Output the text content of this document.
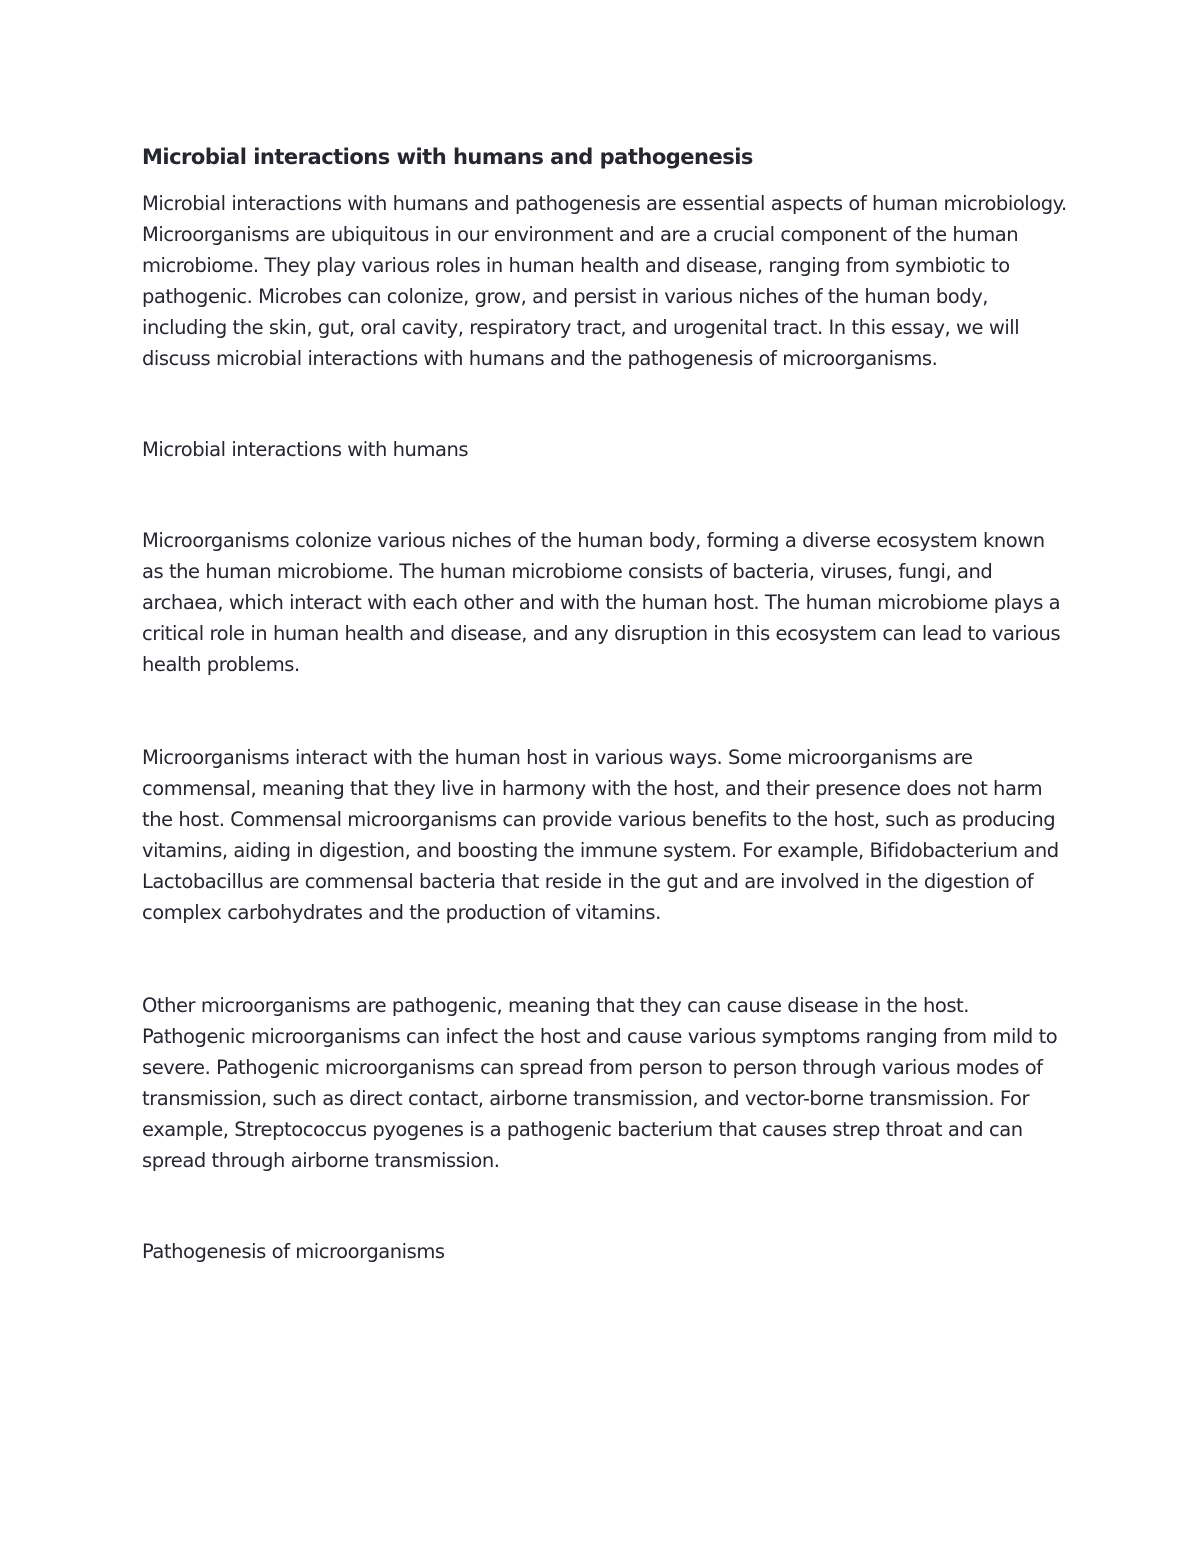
Microbial interactions with humans and pathogenesis

Microbial interactions with humans and pathogenesis are essential aspects of human microbiology. Microorganisms are ubiquitous in our environment and are a crucial component of the human microbiome. They play various roles in human health and disease, ranging from symbiotic to pathogenic. Microbes can colonize, grow, and persist in various niches of the human body, including the skin, gut, oral cavity, respiratory tract, and urogenital tract. In this essay, we will discuss microbial interactions with humans and the pathogenesis of microorganisms.

Microbial interactions with humans

Microorganisms colonize various niches of the human body, forming a diverse ecosystem known as the human microbiome. The human microbiome consists of bacteria, viruses, fungi, and archaea, which interact with each other and with the human host. The human microbiome plays a critical role in human health and disease, and any disruption in this ecosystem can lead to various health problems.

Microorganisms interact with the human host in various ways. Some microorganisms are commensal, meaning that they live in harmony with the host, and their presence does not harm the host. Commensal microorganisms can provide various benefits to the host, such as producing vitamins, aiding in digestion, and boosting the immune system. For example, Bifidobacterium and Lactobacillus are commensal bacteria that reside in the gut and are involved in the digestion of complex carbohydrates and the production of vitamins.

Other microorganisms are pathogenic, meaning that they can cause disease in the host. Pathogenic microorganisms can infect the host and cause various symptoms ranging from mild to severe. Pathogenic microorganisms can spread from person to person through various modes of transmission, such as direct contact, airborne transmission, and vector-borne transmission. For example, Streptococcus pyogenes is a pathogenic bacterium that causes strep throat and can spread through airborne transmission.

Pathogenesis of microorganisms
